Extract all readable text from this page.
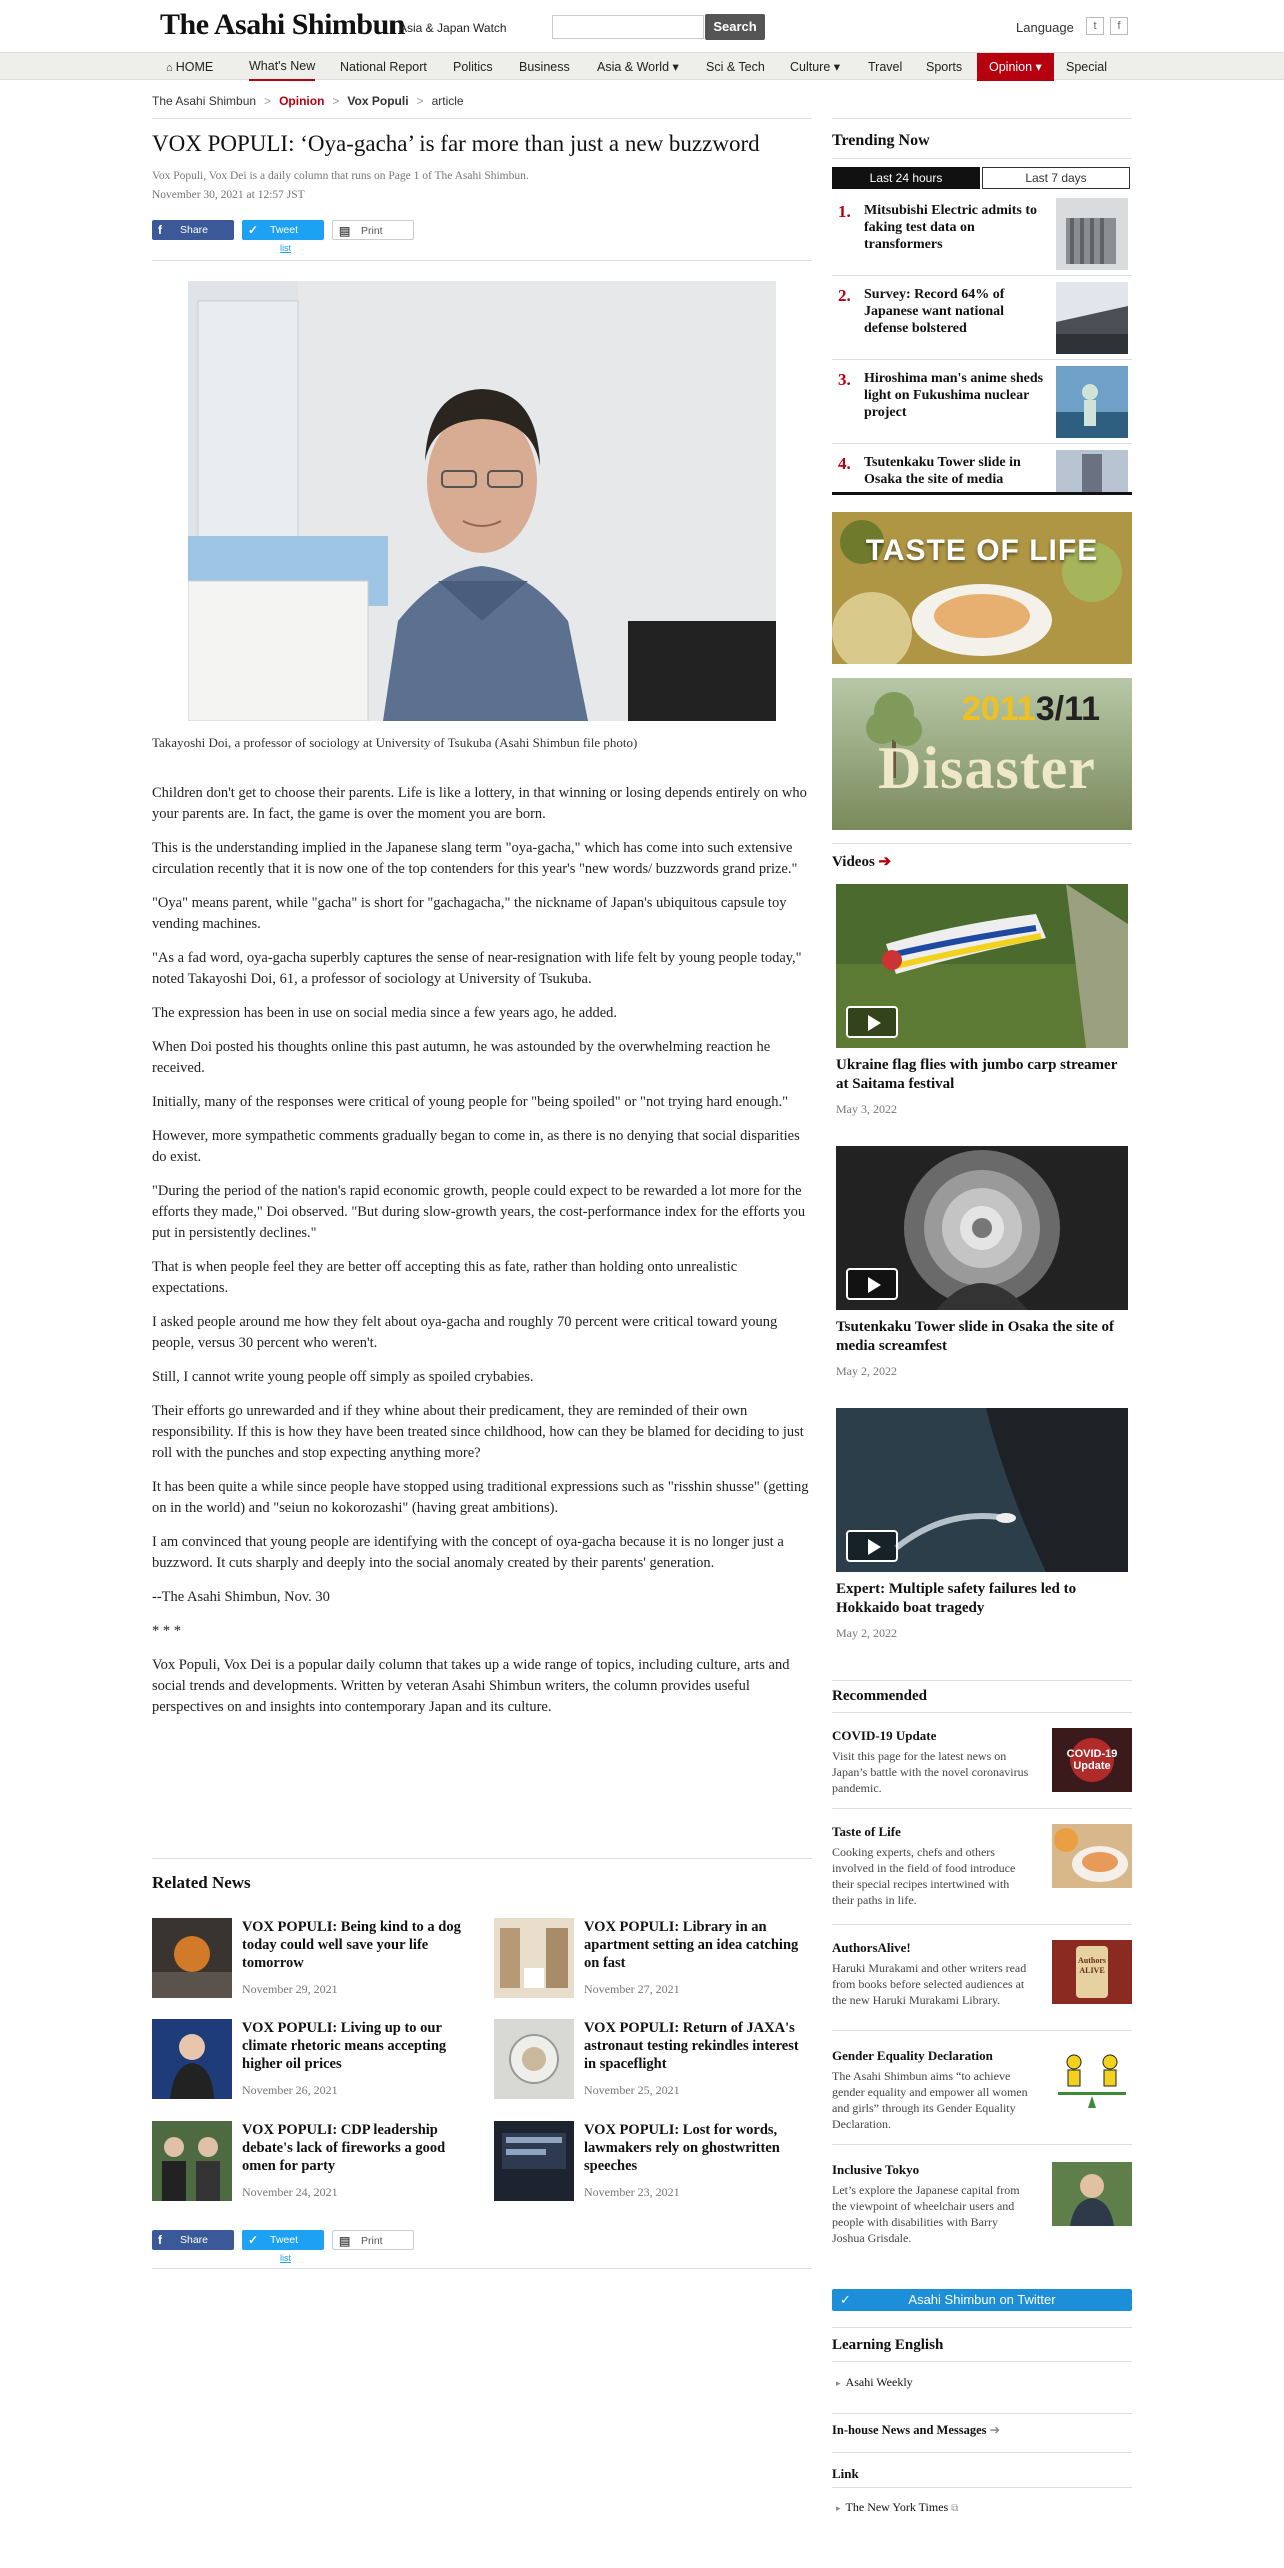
The Asahi Shimbun
Asia & Japan Watch	Search	Language	t	f
⌂ HOME	What's New National Report Politics Business Asia & World ▾ Sci & Tech Culture ▾ Travel Sports	Opinion ▾	Special
The Asahi Shimbun > Opinion > Vox Populi > article
VOX POPULI: ‘Oya-gacha’ is far more than just a new buzzword
Vox Populi, Vox Dei is a daily column that runs on Page 1 of The Asahi Shimbun.
November 30, 2021 at 12:57 JST
f Share	✓ Tweet	▤ Print
list
Takayoshi Doi, a professor of sociology at University of Tsukuba (Asahi Shimbun file photo)

Children don't get to choose their parents. Life is like a lottery, in that winning or losing depends entirely on who your parents are. In fact, the game is over the moment you are born.

This is the understanding implied in the Japanese slang term "oya-gacha," which has come into such extensive circulation recently that it is now one of the top contenders for this year's "new words/ buzzwords grand prize."

"Oya" means parent, while "gacha" is short for "gachagacha," the nickname of Japan's ubiquitous capsule toy vending machines.

"As a fad word, oya-gacha superbly captures the sense of near-resignation with life felt by young people today," noted Takayoshi Doi, 61, a professor of sociology at University of Tsukuba.

The expression has been in use on social media since a few years ago, he added.

When Doi posted his thoughts online this past autumn, he was astounded by the overwhelming reaction he received.

Initially, many of the responses were critical of young people for "being spoiled" or "not trying hard enough."

However, more sympathetic comments gradually began to come in, as there is no denying that social disparities do exist.

"During the period of the nation's rapid economic growth, people could expect to be rewarded a lot more for the efforts they made," Doi observed. "But during slow-growth years, the cost-performance index for the efforts you put in persistently declines."

That is when people feel they are better off accepting this as fate, rather than holding onto unrealistic expectations.

I asked people around me how they felt about oya-gacha and roughly 70 percent were critical toward young people, versus 30 percent who weren't.

Still, I cannot write young people off simply as spoiled crybabies.

Their efforts go unrewarded and if they whine about their predicament, they are reminded of their own responsibility. If this is how they have been treated since childhood, how can they be blamed for deciding to just roll with the punches and stop expecting anything more?

It has been quite a while since people have stopped using traditional expressions such as "risshin shusse" (getting on in the world) and "seiun no kokorozashi" (having great ambitions).

I am convinced that young people are identifying with the concept of oya-gacha because it is no longer just a buzzword. It cuts sharply and deeply into the social anomaly created by their parents' generation.

--The Asahi Shimbun, Nov. 30

* * *

Vox Populi, Vox Dei is a popular daily column that takes up a wide range of topics, including culture, arts and social trends and developments. Written by veteran Asahi Shimbun writers, the column provides useful perspectives on and insights into contemporary Japan and its culture.

Related News
VOX POPULI: Being kind to a dog today could well save your life tomorrow
November 29, 2021
VOX POPULI: Library in an apartment setting an idea catching on fast
November 27, 2021
VOX POPULI: Living up to our climate rhetoric means accepting higher oil prices
November 26, 2021
VOX POPULI: Return of JAXA's astronaut testing rekindles interest in spaceflight
November 25, 2021
VOX POPULI: CDP leadership debate's lack of fireworks a good omen for party
November 24, 2021
VOX POPULI: Lost for words, lawmakers rely on ghostwritten speeches
November 23, 2021
f Share	✓ Tweet	▤ Print
list
Trending Now
Last 24 hours	Last 7 days
1. Mitsubishi Electric admits to faking test data on transformers
2. Survey: Record 64% of Japanese want national defense bolstered
3. Hiroshima man's anime sheds light on Fukushima nuclear project
4. Tsutenkaku Tower slide in Osaka the site of media
TASTE OF LIFE
20113/11
Disaster
Videos ➔
Ukraine flag flies with jumbo carp streamer at Saitama festival
May 3, 2022
Tsutenkaku Tower slide in Osaka the site of media screamfest
May 2, 2022
Expert: Multiple safety failures led to Hokkaido boat tragedy
May 2, 2022
Recommended
COVID-19 Update
Visit this page for the latest news on Japan’s battle with the novel coronavirus pandemic.
COVID-19 Update
Taste of Life
Cooking experts, chefs and others involved in the field of food introduce their special recipes intertwined with their paths in life.
AuthorsAlive!
Haruki Murakami and other writers read from books before selected audiences at the new Haruki Murakami Library.
Authors ALIVE
Gender Equality Declaration
The Asahi Shimbun aims “to achieve gender equality and empower all women and girls” through its Gender Equality Declaration.
Inclusive Tokyo
Let’s explore the Japanese capital from the viewpoint of wheelchair users and people with disabilities with Barry Joshua Grisdale.
✓	Asahi Shimbun on Twitter
Learning English
▸ Asahi Weekly
In-house News and Messages ➔
Link
▸ The New York Times ⧉
